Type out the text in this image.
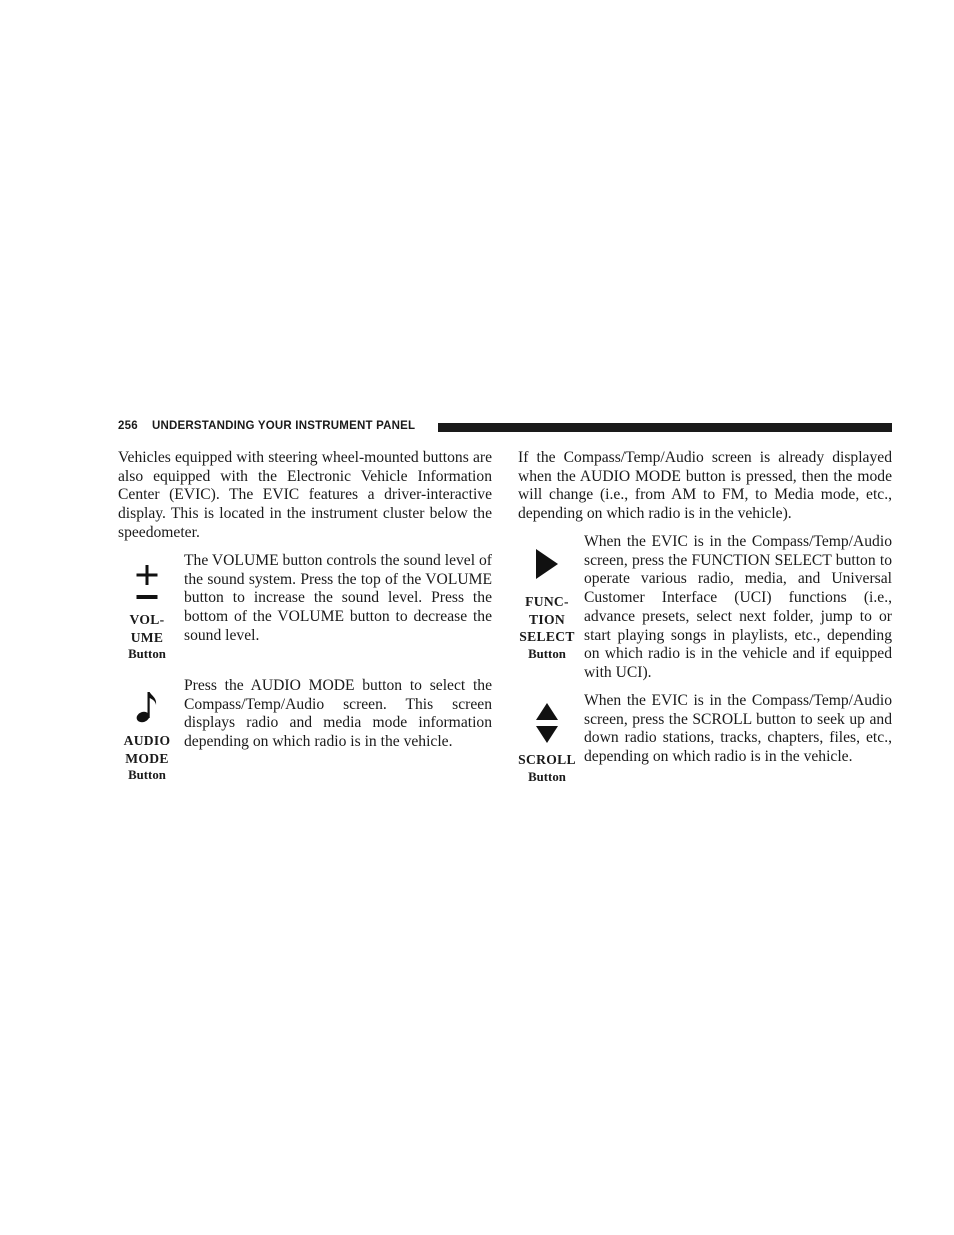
256 UNDERSTANDING YOUR INSTRUMENT PANEL

Vehicles equipped with steering wheel-mounted buttons are also equipped with the Electronic Vehicle Information Center (EVIC). The EVIC features a driver-interactive display. This is located in the instrument cluster below the speedometer.

VOL-
UME
Button

The VOLUME button controls the sound level of the sound system. Press the top of the VOLUME button to increase the sound level. Press the bottom of the VOLUME button to decrease the sound level.

AUDIO
MODE
Button

Press the AUDIO MODE button to select the Compass/Temp/Audio screen. This screen displays radio and media mode information depending on which radio is in the vehicle.

If the Compass/Temp/Audio screen is already displayed when the AUDIO MODE button is pressed, then the mode will change (i.e., from AM to FM, to Media mode, etc., depending on which radio is in the vehicle).

FUNC-
TION
SELECT
Button

When the EVIC is in the Compass/Temp/Audio screen, press the FUNCTION SELECT button to operate various radio, media, and Universal Customer Interface (UCI) functions (i.e., advance presets, select next folder, jump to or start playing songs in playlists, etc., depending on which radio is in the vehicle and if equipped with UCI).

SCROLL
Button

When the EVIC is in the Compass/Temp/Audio screen, press the SCROLL button to seek up and down radio stations, tracks, chapters, files, etc., depending on which radio is in the vehicle.
